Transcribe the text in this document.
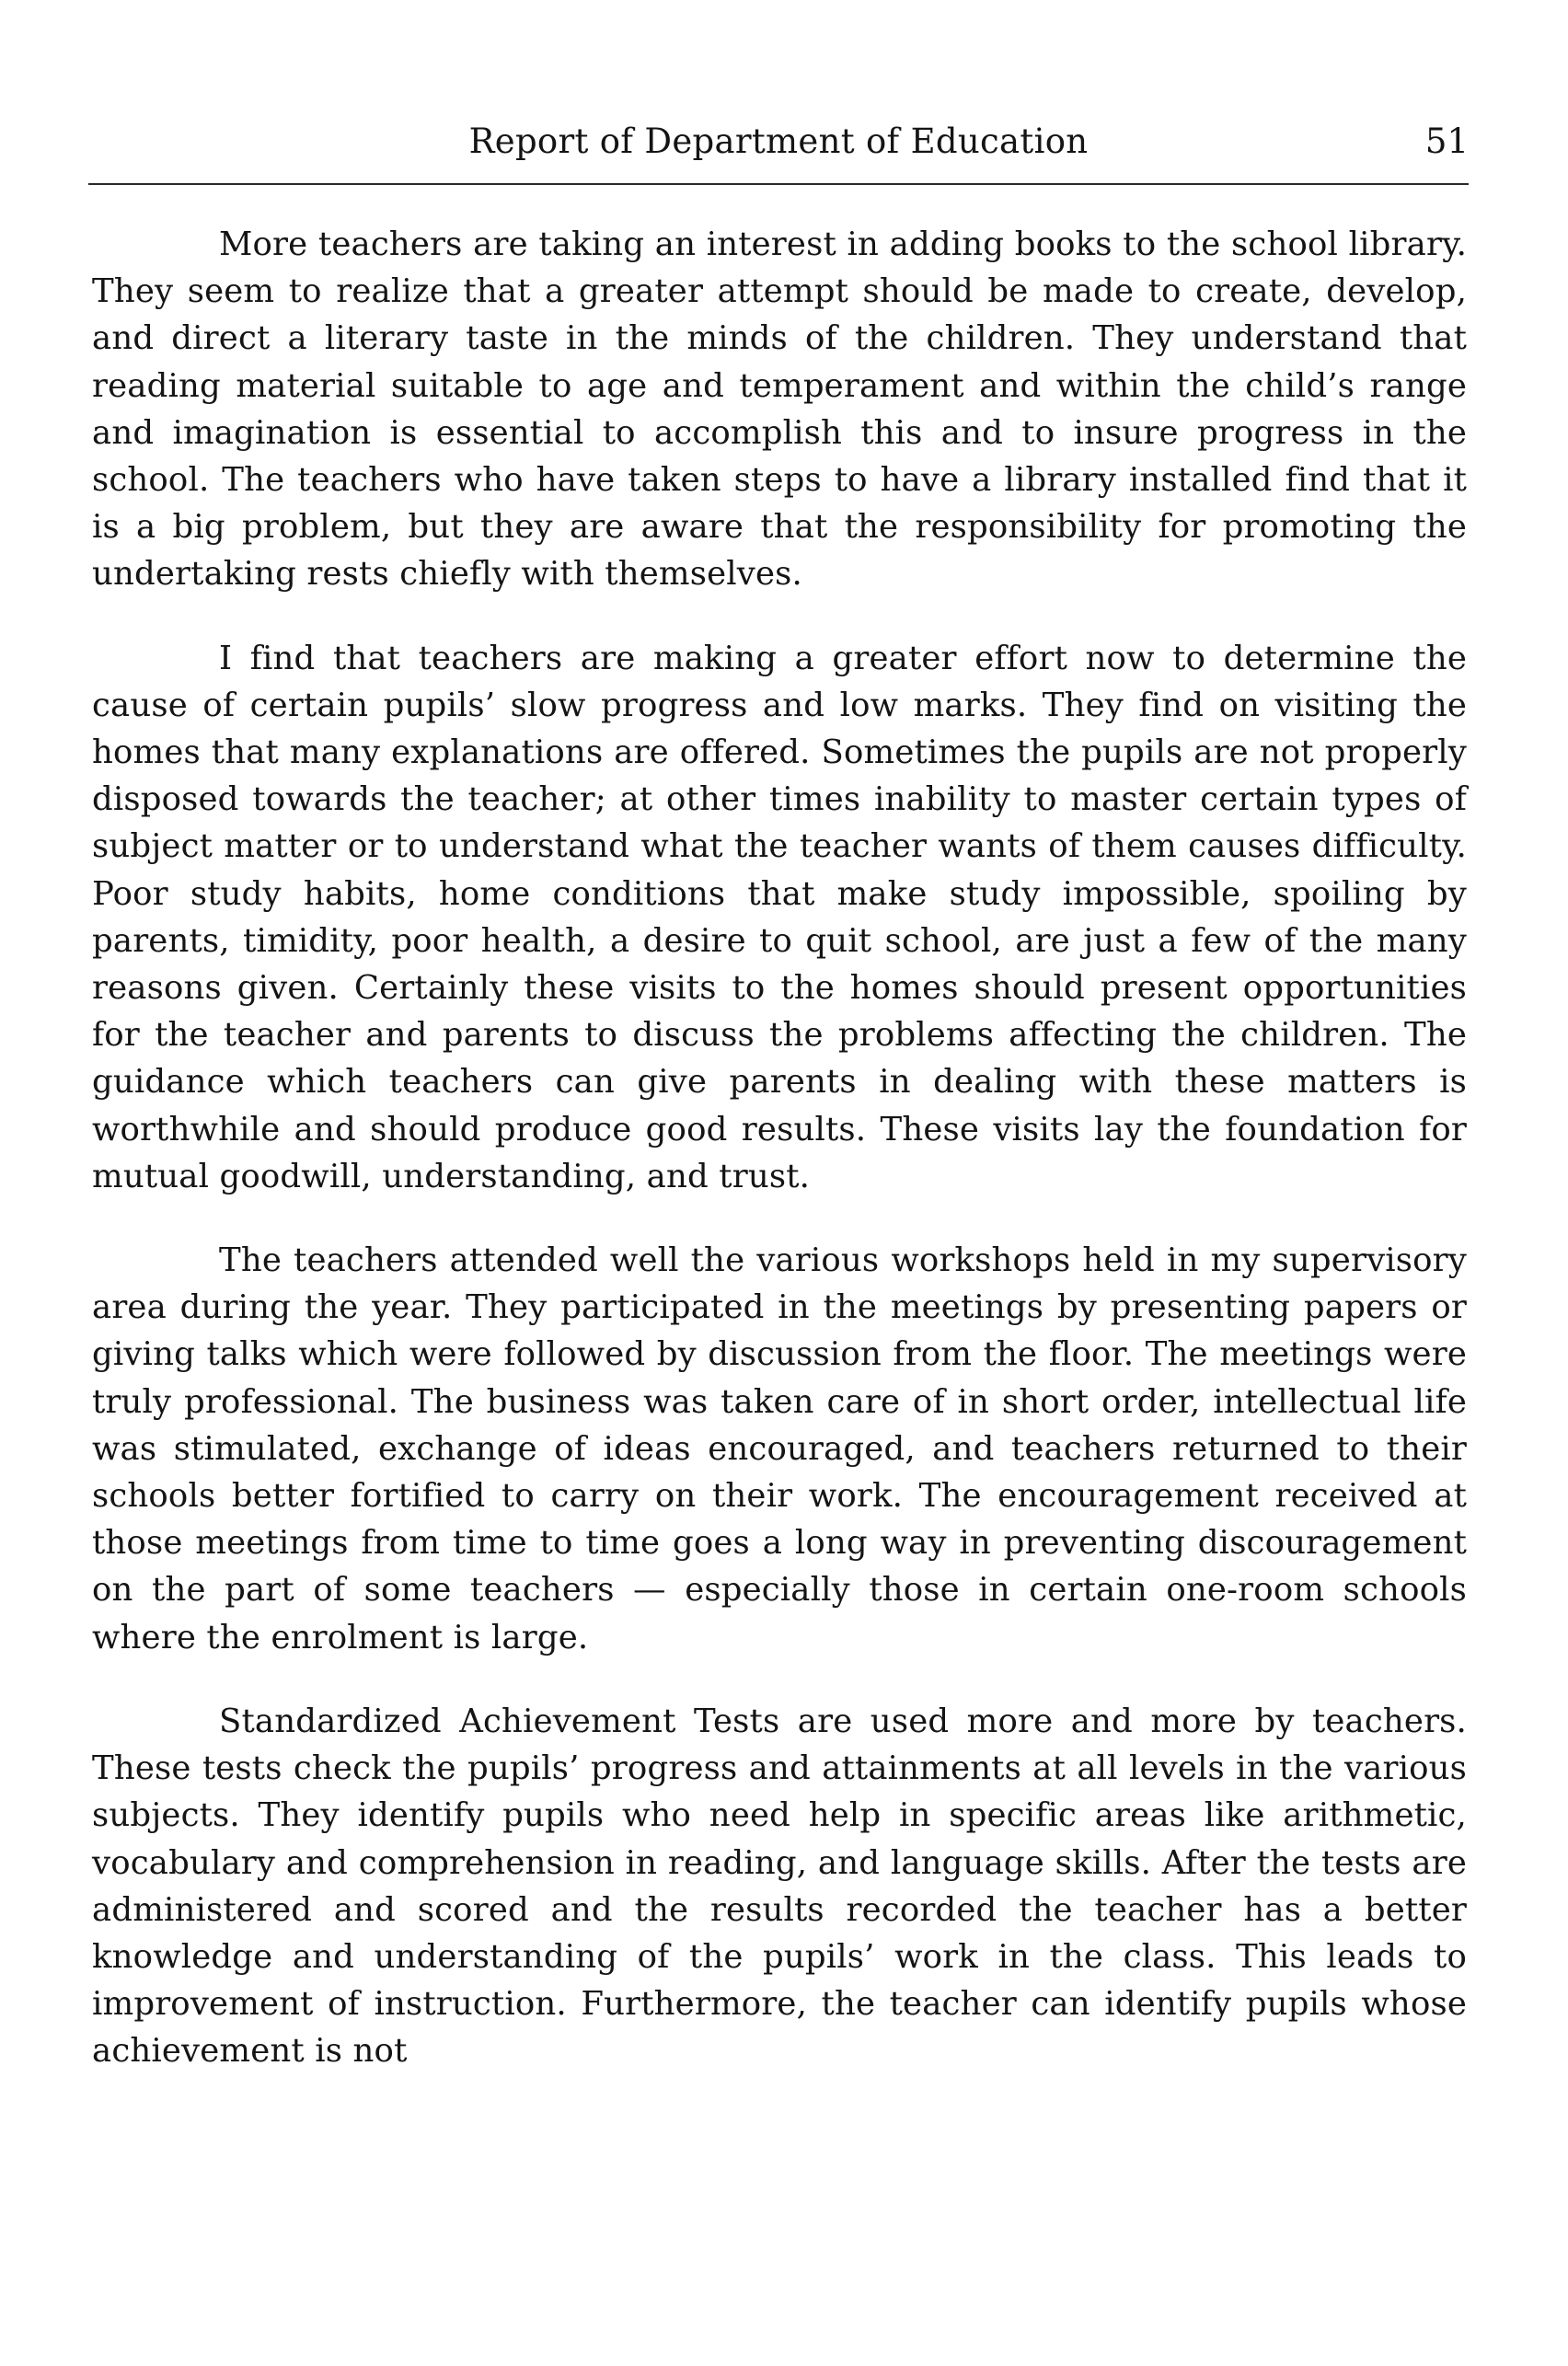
Report of Department of Education	51

More teachers are taking an interest in adding books to the school library. They seem to realize that a greater attempt should be made to create, develop, and direct a literary taste in the minds of the children. They understand that reading material suitable to age and temperament and within the child’s range and imagination is essential to accomplish this and to insure progress in the school. The teachers who have taken steps to have a library installed find that it is a big problem, but they are aware that the responsibility for promoting the undertaking rests chiefly with themselves.

I find that teachers are making a greater effort now to determine the cause of certain pupils’ slow progress and low marks. They find on visiting the homes that many explanations are offered. Sometimes the pupils are not properly disposed towards the teacher; at other times inability to master certain types of subject matter or to understand what the teacher wants of them causes difficulty. Poor study habits, home conditions that make study impossible, spoiling by parents, timidity, poor health, a desire to quit school, are just a few of the many reasons given. Certainly these visits to the homes should present opportunities for the teacher and parents to discuss the problems affecting the children. The guidance which teachers can give parents in dealing with these matters is worthwhile and should produce good results. These visits lay the foundation for mutual goodwill, understanding, and trust.

The teachers attended well the various workshops held in my supervisory area during the year. They participated in the meetings by presenting papers or giving talks which were followed by discussion from the floor. The meetings were truly professional. The business was taken care of in short order, intellectual life was stimulated, exchange of ideas encouraged, and teachers returned to their schools better fortified to carry on their work. The encouragement received at those meetings from time to time goes a long way in preventing discouragement on the part of some teachers — especially those in certain one-room schools where the enrolment is large.

Standardized Achievement Tests are used more and more by teachers. These tests check the pupils’ progress and attainments at all levels in the various subjects. They identify pupils who need help in specific areas like arithmetic, vocabulary and comprehension in reading, and language skills. After the tests are administered and scored and the results recorded the teacher has a better knowledge and understanding of the pupils’ work in the class. This leads to improvement of instruction. Furthermore, the teacher can identify pupils whose achievement is not
